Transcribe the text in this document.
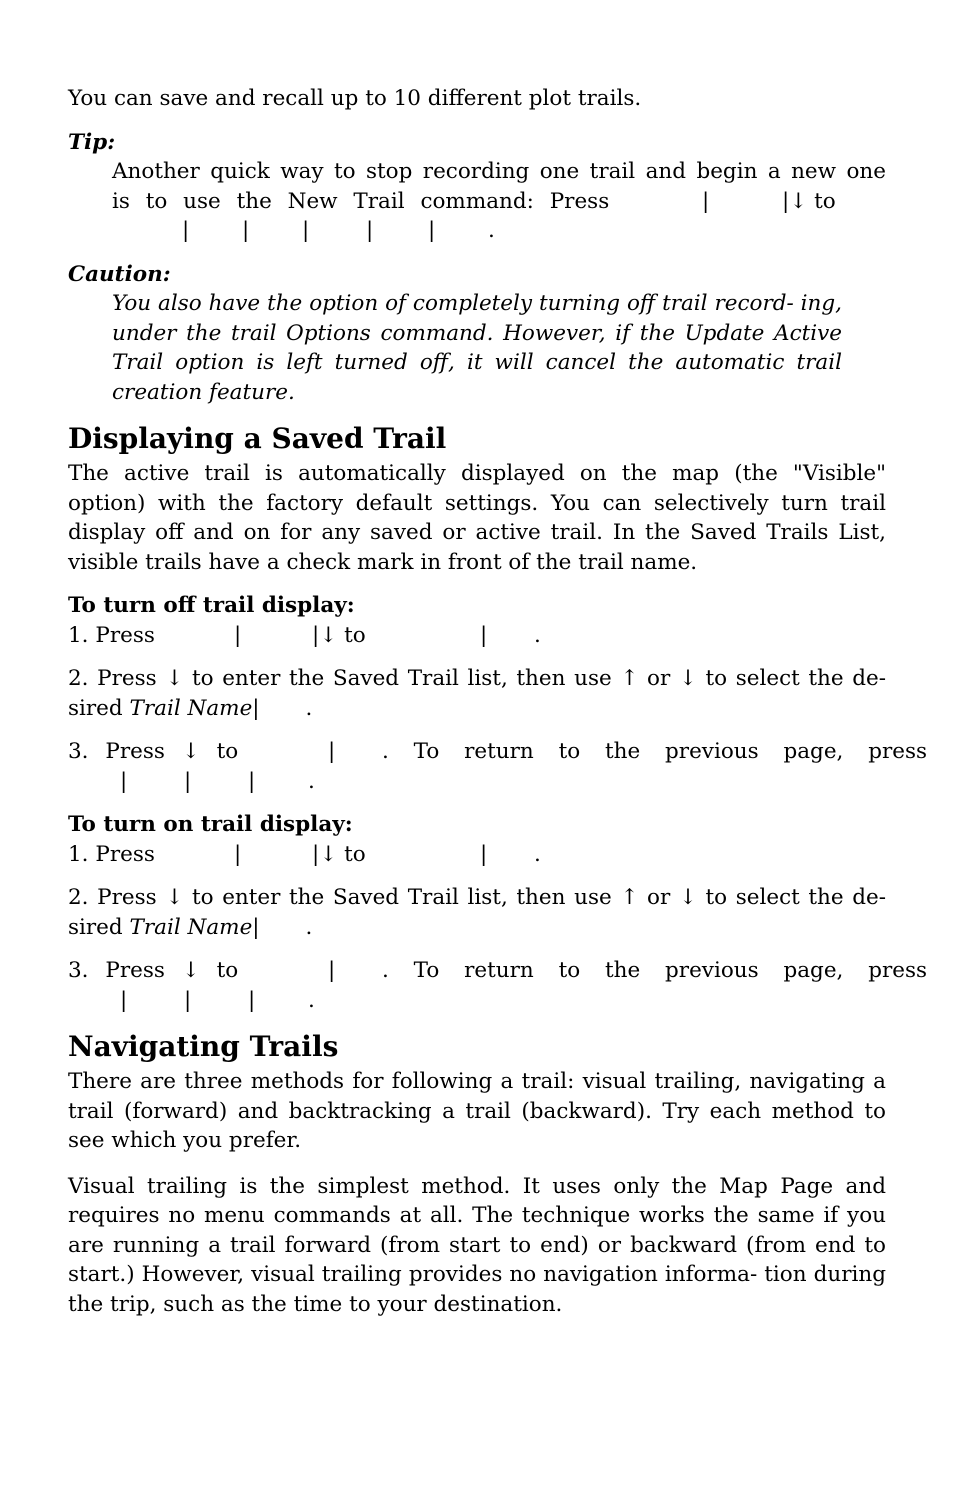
You can save and recall up to 10 different plot trails.

Tip:

Another quick way to stop recording one trail and begin a new one

is to use the New Trail command: Press	|	|↓ to
| | |	|	| .

Caution:

You also have the option of completely turning off trail record- ing, under the trail Options command. However, if the Update Active Trail option is left turned off, it will cancel the automatic trail creation feature.

Displaying a Saved Trail

The active trail is automatically displayed on the map (the "Visible" option) with the factory default settings. You can selectively turn trail display off and on for any saved or active trail. In the Saved Trails List, visible trails have a check mark in front of the trail name.

To turn off trail display:

1. Press	|	|↓ to	| .

2. Press ↓ to enter the Saved Trail list, then use ↑ or ↓ to select the de- sired Trail Name| .

3. Press ↓ to	| . To return to the previous page, press
|	|	| .

To turn on trail display:

1. Press	|	|↓ to	| .

2. Press ↓ to enter the Saved Trail list, then use ↑ or ↓ to select the de- sired Trail Name| .

3. Press ↓ to	| . To return to the previous page, press
|	|	| .
Navigating Trails

There are three methods for following a trail: visual trailing, navigating a trail (forward) and backtracking a trail (backward). Try each method to see which you prefer.

Visual trailing is the simplest method. It uses only the Map Page and requires no menu commands at all. The technique works the same if you are running a trail forward (from start to end) or backward (from end to start.) However, visual trailing provides no navigation informa- tion during the trip, such as the time to your destination.
